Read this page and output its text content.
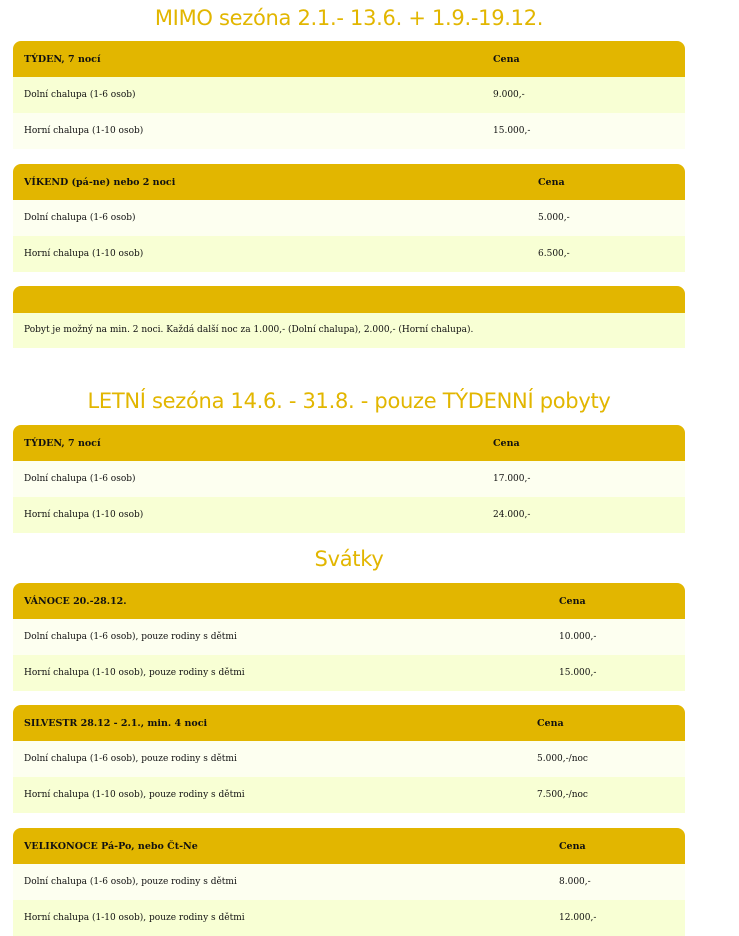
MIMO sezóna 2.1.- 13.6. + 1.9.-19.12.
TÝDEN, 7 nocí	Cena
Dolní chalupa (1-6 osob)	9.000,-
Horní chalupa (1-10 osob)	15.000,-
VÍKEND (pá-ne) nebo 2 noci	Cena
Dolní chalupa (1-6 osob)	5.000,-
Horní chalupa (1-10 osob)	6.500,-
Pobyt je možný na min. 2 noci. Každá další noc za 1.000,- (Dolní chalupa), 2.000,- (Horní chalupa).
LETNÍ sezóna 14.6. - 31.8. - pouze TÝDENNÍ pobyty
TÝDEN, 7 nocí	Cena
Dolní chalupa (1-6 osob)	17.000,-
Horní chalupa (1-10 osob)	24.000,-
Svátky
VÁNOCE 20.-28.12.	Cena
Dolní chalupa (1-6 osob), pouze rodiny s dětmi	10.000,-
Horní chalupa (1-10 osob), pouze rodiny s dětmi	15.000,-
SILVESTR 28.12 - 2.1., min. 4 noci	Cena
Dolní chalupa (1-6 osob), pouze rodiny s dětmi	5.000,-/noc
Horní chalupa (1-10 osob), pouze rodiny s dětmi	7.500,-/noc
VELIKONOCE Pá-Po, nebo Čt-Ne	Cena
Dolní chalupa (1-6 osob), pouze rodiny s dětmi	8.000,-
Horní chalupa (1-10 osob), pouze rodiny s dětmi	12.000,-
